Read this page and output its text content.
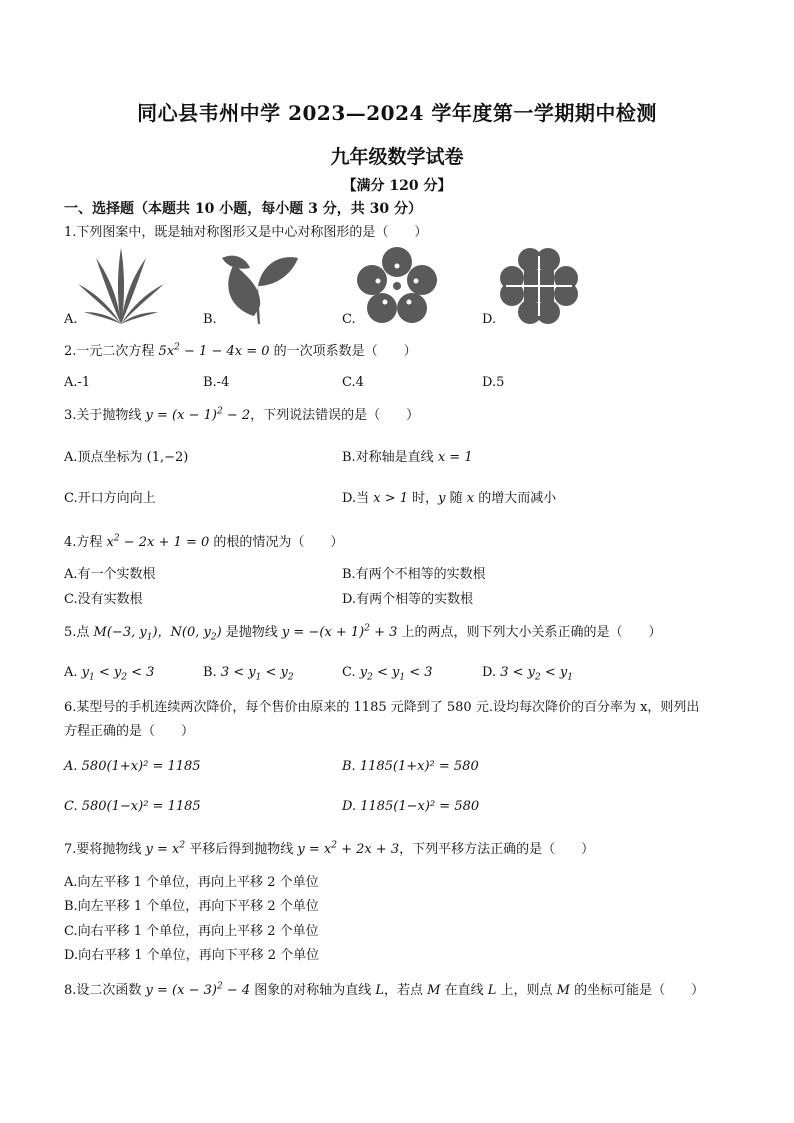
同心县韦州中学 2023—2024 学年度第一学期期中检测
九年级数学试卷
【满分 120 分】
一、选择题（本题共 10 小题，每小题 3 分，共 30 分）
1.下列图案中，既是轴对称图形又是中心对称图形的是（　　）
A.	B.	C.	D.
2.一元二次方程 $5x^2 - 1 - 4x = 0$ 的一次项系数是（　　）
A.-1	B.-4	C.4	D.5
3.关于抛物线 $y = (x - 1)^2 - 2$，下列说法错误的是（　　）
A.顶点坐标为 (1,−2)	B.对称轴是直线 x = 1
C.开口方向向上	D.当 x > 1 时，y 随 x 的增大而减小
4.方程 $x^2 - 2x + 1 = 0$ 的根的情况为（　　）
A.有一个实数根	B.有两个不相等的实数根
C.没有实数根	D.有两个相等的实数根
5.点 M(−3, $y_1$)，N(0, $y_2$) 是抛物线 $y = -(x + 1)^2 + 3$ 上的两点，则下列大小关系正确的是（　　）
A. $y_1 < y_2 < 3$	B. $3 < y_1 < y_2$	C. $y_2 < y_1 < 3$	D. $3 < y_2 < y_1$
6.某型号的手机连续两次降价，每个售价由原来的 1185 元降到了 580 元.设均每次降价的百分率为 x，则列出
方程正确的是（　　）
A. 580(1+x)² = 1185	B. 1185(1+x)² = 580
C. 580(1−x)² = 1185	D. 1185(1−x)² = 580
7.要将抛物线 $y = x^2$ 平移后得到抛物线 $y = x^2 + 2x + 3$，下列平移方法正确的是（　　）
A.向左平移 1 个单位，再向上平移 2 个单位
B.向左平移 1 个单位，再向下平移 2 个单位
C.向右平移 1 个单位，再向上平移 2 个单位
D.向右平移 1 个单位，再向下平移 2 个单位
8.设二次函数 $y = (x - 3)^2 - 4$ 图象的对称轴为直线 L，若点 M 在直线 L 上，则点 M 的坐标可能是（　　）
